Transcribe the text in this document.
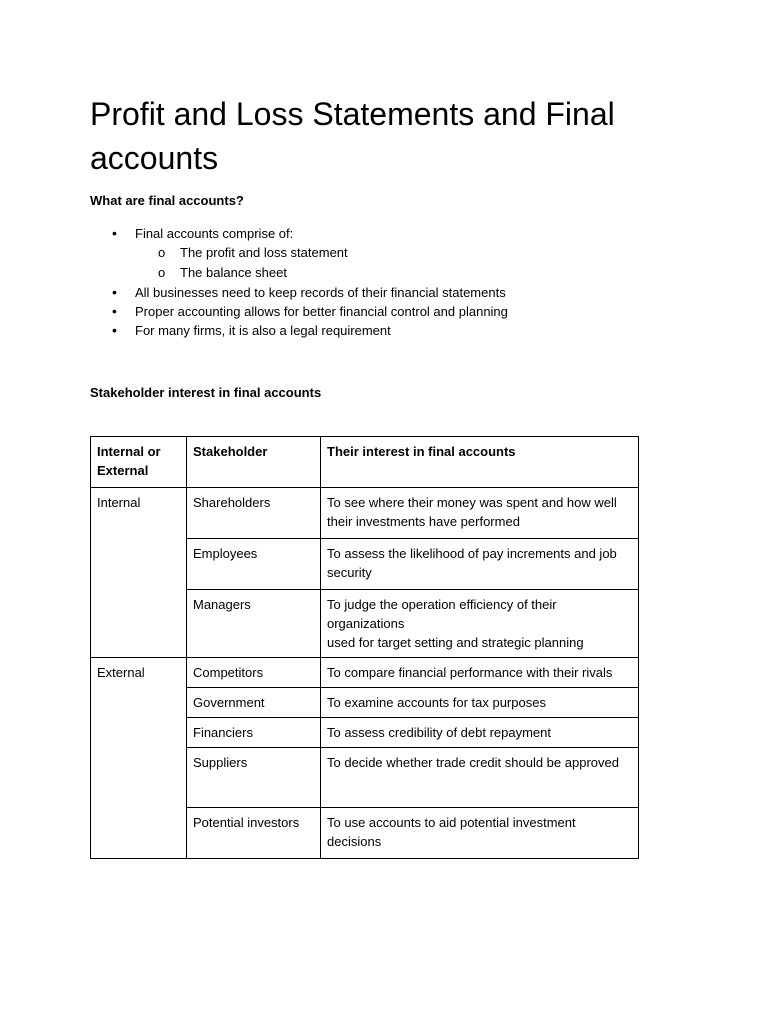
Profit and Loss Statements and Final accounts

What are final accounts?

• Final accounts comprise of:
o The profit and loss statement
o The balance sheet
• All businesses need to keep records of their financial statements
• Proper accounting allows for better financial control and planning
• For many firms, it is also a legal requirement

Stakeholder interest in final accounts

Internal or External	Stakeholder	Their interest in final accounts
Internal	Shareholders	To see where their money was spent and how well their investments have performed
	Employees	To assess the likelihood of pay increments and job security
	Managers	To judge the operation efficiency of their organizations
used for target setting and strategic planning

External	Competitors	To compare financial performance with their rivals
	Government	To examine accounts for tax purposes
	Financiers	To assess credibility of debt repayment
	Suppliers	To decide whether trade credit should be approved
	Potential investors	To use accounts to aid potential investment decisions
